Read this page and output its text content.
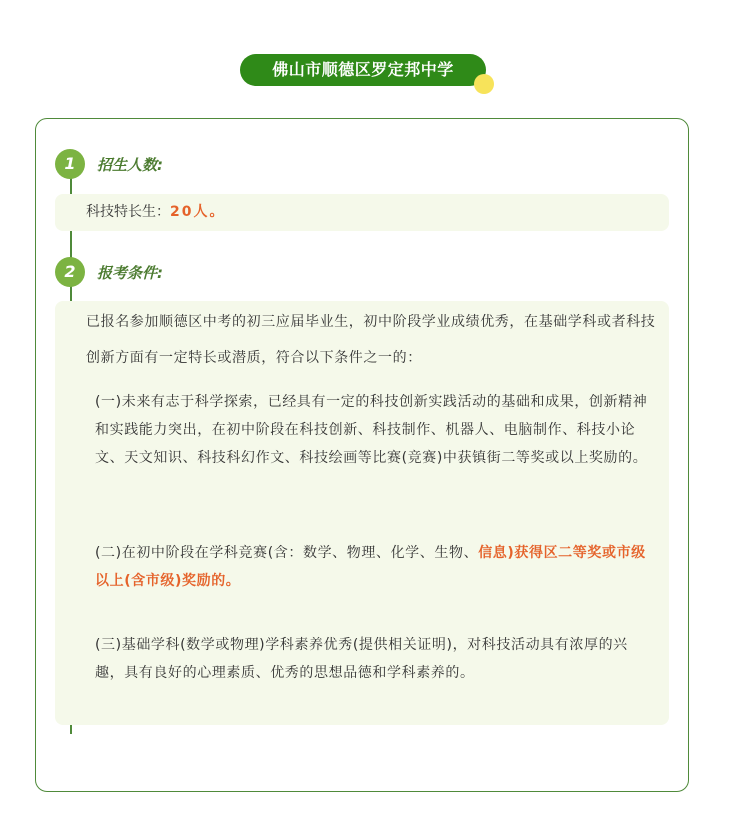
佛山市顺德区罗定邦中学
1	招生人数:
科技特长生：20人。
2	报考条件:
已报名参加顺德区中考的初三应届毕业生，初中阶段学业成绩优秀，在基础学科或者科技创新方面有一定特长或潜质，符合以下条件之一的：
(一)未来有志于科学探索，已经具有一定的科技创新实践活动的基础和成果，创新精神和实践能力突出，在初中阶段在科技创新、科技制作、机器人、电脑制作、科技小论文、天文知识、科技科幻作文、科技绘画等比赛(竞赛)中获镇街二等奖或以上奖励的。
(二)在初中阶段在学科竞赛(含：数学、物理、化学、生物、信息)获得区二等奖或市级以上(含市级)奖励的。
(三)基础学科(数学或物理)学科素养优秀(提供相关证明)，对科技活动具有浓厚的兴趣，具有良好的心理素质、优秀的思想品德和学科素养的。
